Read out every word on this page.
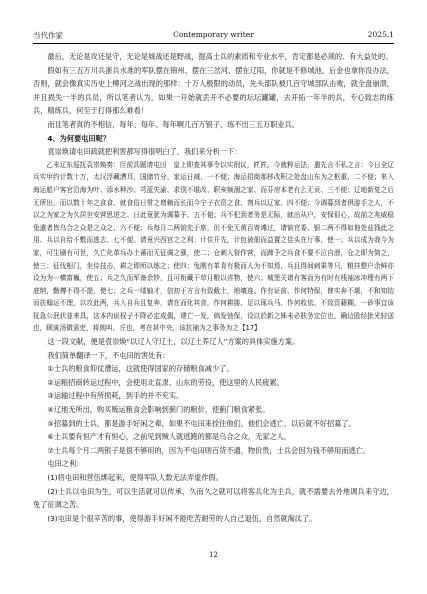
当代作家	Contemporary writer	2025.1

最后，无论是攻还是守，无论是城战还是野战，提高士兵的素质和专业水平，肯定都是必须的、有大益处的。

假如有三五万川兵浙兵水准的军队摆在锦州、摆在三岔河、摆在辽阳，你就是不修城池，后金也拿你没办法，否则，就会像真实历史上柳河之战出现的那样：十万人极限的动员，先头部队被几百守城部队击败，就全盘崩溃，并且损失一半的兵员，所以笔者认为，如果一开始就丢开不必要的坛坛罐罐，去开拓一年半的兵，专心致志的练兵，精练兵，何至于打得那么难看！

而且笔者真的不相信，每年、每年、每年啊几百万银子，练不出三五万职业兵。

4、为何要屯田呢？

袁崇焕请屯田疏就把利害都写得很明白了，我们来分析一下：

乙未辽东巡抚袁崇焕奏：臣前具题请屯田　皇上即查其事令以实削议，匠匠。今就粹运法，遣先言不私之言：今日全辽兵实甲约计数十万，太汉浮藏漕耳，国储竹分、家运日减、一不便；海运招商那移改积之处盘山东为之枢重、二不便；来入海运船户客官沿海为叶、添水种沙、芎蓝失渝、求别不堪改、职亥频涸之家、而芬房本老有么无贡、三不便；辽地新复之后无所出，而以数十年之食食、就食俗日常之增赖而长而今宁子衣资之食、剂兵以辽家、四不便；今调募到者俱游手之人，不以之为家之为久居世安营思进之、日此竟犹为调募予、五不便；兵不犯到者务是无际，就出从户，安保很心，故前之兆威稳兔遣者皆乌合之众是之众之、六不便；兵每月二两饷充于席，但不免无黄百寄滩过，请饷官委、银二两不得如他处兹钱此之用、兵以自给不敷而逃去、七不便。请竟兴西宫之之利：计住开先，计包被佃而益置之佳头在厅事，使一；兵以成为我今为家，可生刷有可世，久亡化革兵办土蕃而无征调之骚，使二；仓刺入督作营，而蹄予之兵食不要不泣自滑，仓之即为简之，使三；征伐相门，坐侍技击，耕之即所以练之；使四；兔刚有革肯有极而人为不知焉，兵且得间刺果等只，粮挂整户余鲜亦设为为一横富巍，使五；兵之久而军备余钞，且可衔藏干草月粮以省物，使六；城堡关诸有客而为有时有栈袖冰冲埋有两下底纳，勤搏不得不提，使七；之兵一缕轴才，信初于方言有致截土，地壤连、作有证前、作何特保，俾实奔不堪，不和知结而扶翰运不理，以攻此两，兵入自兵且复奔，请在而化其食，作何耕搂、足以琢兵马、作何收依、不致资藉糊，一砂事宜该抚急公泯状並来具，这本内说权子不降必定成偶，建亡一发，倘发弛保，设以於新之姊未必肤务定位也，确边股经批光轻送也，顾寅汤微需吏，将朗叫，丘也，考在甚中央，该抗捕为之事务为之【17】

这一段文献，便是袁崇焕“以辽人守辽土，以辽土养辽人”方案的具体实施方案。

我们简单翻译一下，不屯田的害处有：

①士兵的粮食仰仗漕运，这就使得国家的存储粮食减少了。

②运粮招商转运过程中，会使用北直隶、山东的劳役，使这里的人民疲累。

③运输过程中有所损耗，到手的并不充实。

④辽地无所出，购买贩运粮食会影响到蓟门的粮价，使蓟门粮食紧张。

⑤招募到的士兵，都是游手好闲之辈，如果不屯田来拴住他们，他们会逃亡，以后就不好招募了。

⑥士兵要有恒产才有恒心，之前见到贼人就逃跑的都是乌合之众，无家之人。

⑦士兵每个月二两银子是很不够用的，因为不屯田则百货不通，物价贵，士兵会因为钱不够用而逃亡。

屯田之利：

(1)将屯田和营伍绑起来，使得军队人数无法弄虚作假。

(2)士兵以屯田为生，可以生活就可以传承，久而久之就可以将客兵化为主兵，就不需要去外地调兵来守边，免了征调之苦。

(3)屯田是个很辛苦的事，使得游手好闲不能吃苦耐劳的人自己退伍，自然就淘汰了。

12
